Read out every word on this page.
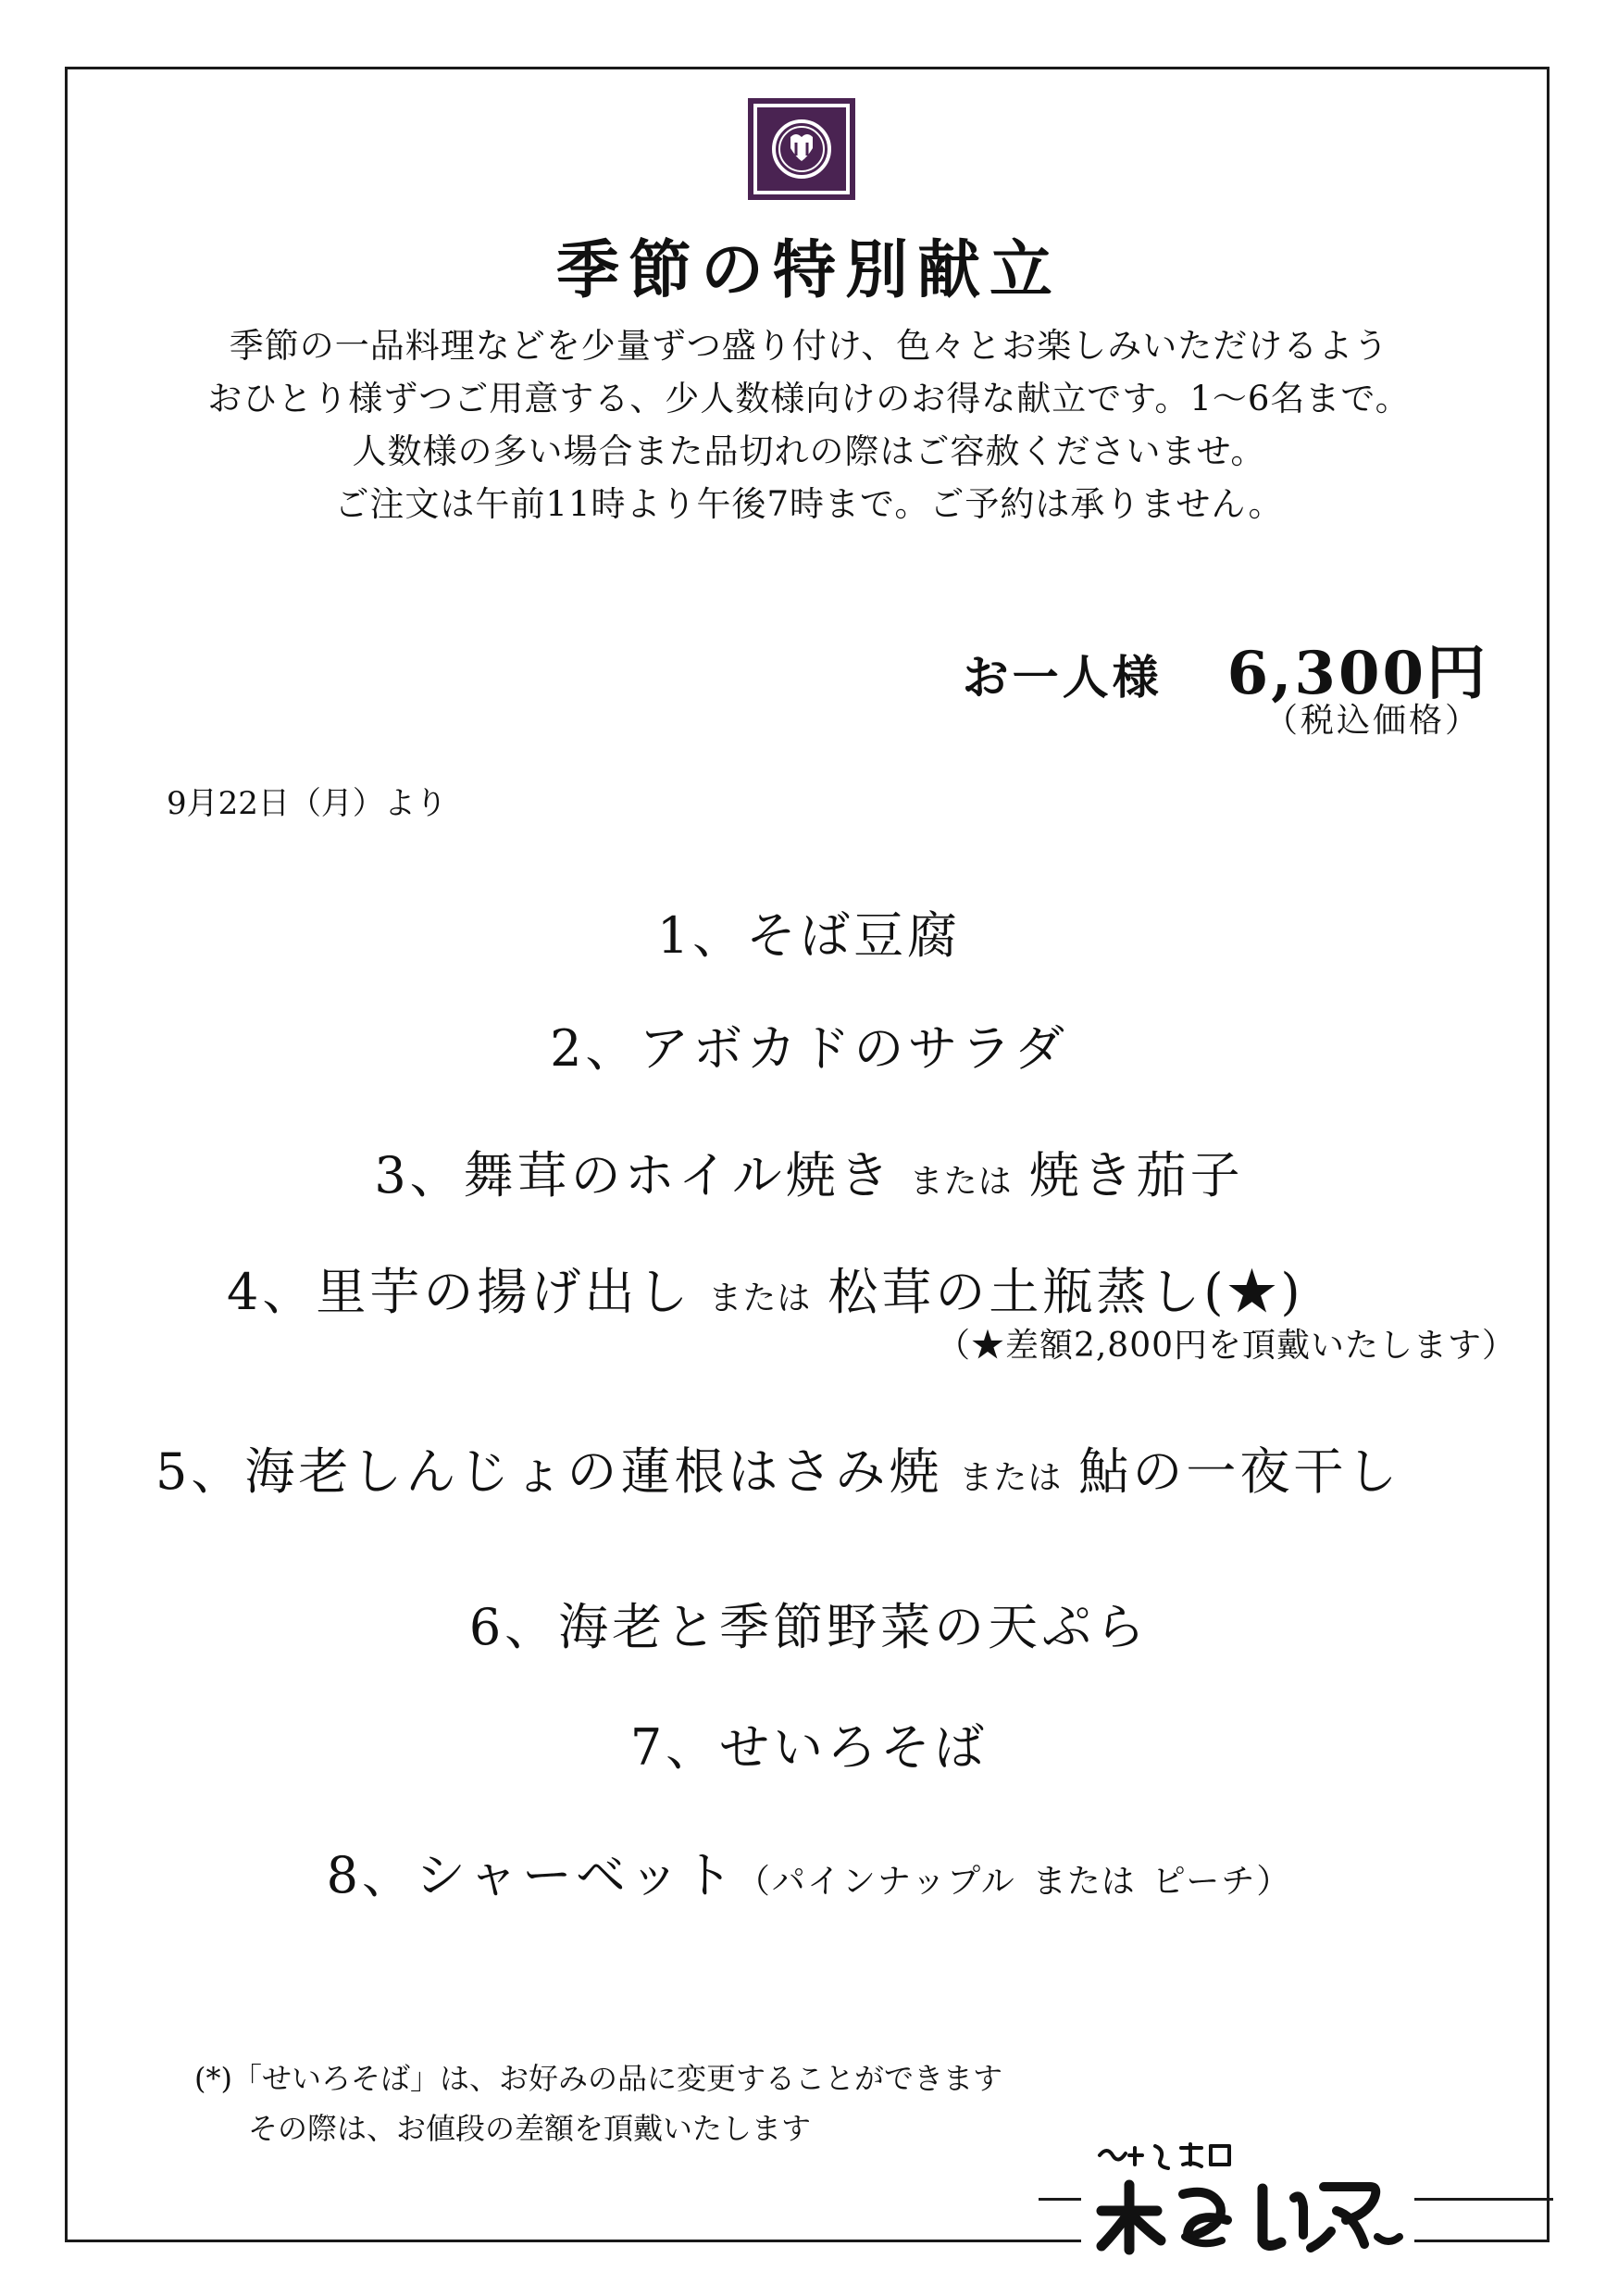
季節の特別献立
季節の一品料理などを少量ずつ盛り付け、色々とお楽しみいただけるよう
おひとり様ずつご用意する、少人数様向けのお得な献立です。1～6名まで。
人数様の多い場合また品切れの際はご容赦くださいませ。
ご注文は午前11時より午後7時まで。ご予約は承りません。
お一人様 6,300円
（税込価格）
9月22日（月）より
1、そば豆腐
2、アボカドのサラダ
3、舞茸のホイル焼き または 焼き茄子
4、里芋の揚げ出し または 松茸の土瓶蒸し(★)
（★差額2,800円を頂戴いたします）
5、海老しんじょの蓮根はさみ焼 または 鮎の一夜干し
6、海老と季節野菜の天ぷら
7、せいろそば
8、シャーベット（パインナップル または ピーチ）
(*)「せいろそば」は、お好みの品に変更することができます
その際は、お値段の差額を頂戴いたします
